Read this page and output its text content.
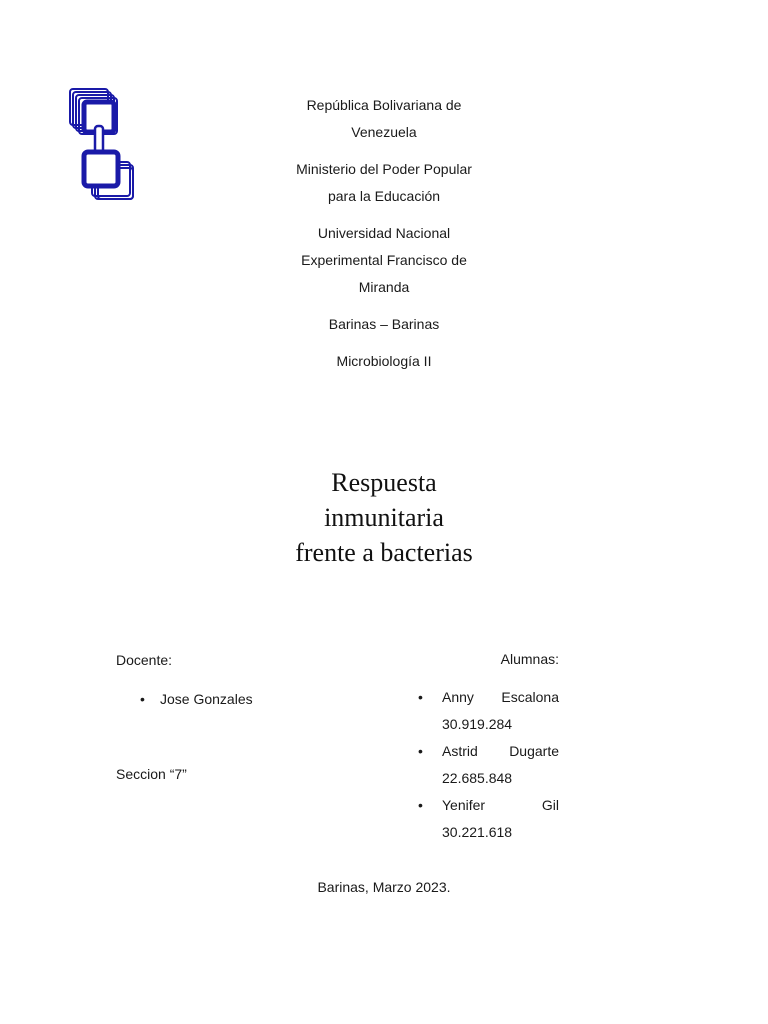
República Bolivariana de Venezuela

Ministerio del Poder Popular para la Educación

Universidad Nacional Experimental Francisco de Miranda

Barinas – Barinas

Microbiología II

Respuesta inmunitaria frente a bacterias
Docente:
• Jose Gonzales
Seccion “7”
Alumnas:
• Anny Escalona
30.919.284
• Astrid Dugarte
22.685.848
• Yenifer	Gil
30.221.618
Barinas, Marzo 2023.
